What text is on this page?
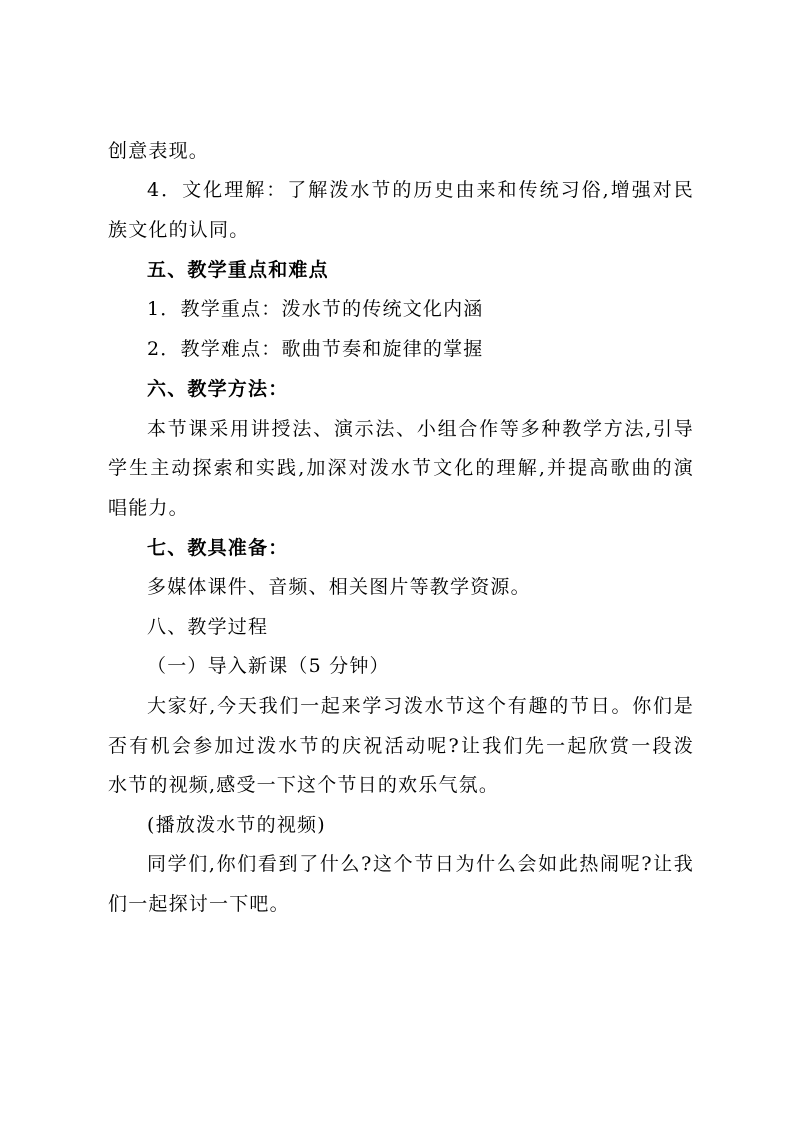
创意表现。
4．文化理解：了解泼水节的历史由来和传统习俗,增强对民
族文化的认同。
五、教学重点和难点
1．教学重点：泼水节的传统文化内涵
2．教学难点：歌曲节奏和旋律的掌握
六、教学方法：
本节课采用讲授法、演示法、小组合作等多种教学方法,引导
学生主动探索和实践,加深对泼水节文化的理解,并提高歌曲的演
唱能力。
七、教具准备：
多媒体课件、音频、相关图片等教学资源。
八、教学过程
（一）导入新课（5 分钟）
大家好,今天我们一起来学习泼水节这个有趣的节日。你们是
否有机会参加过泼水节的庆祝活动呢?让我们先一起欣赏一段泼
水节的视频,感受一下这个节日的欢乐气氛。
(播放泼水节的视频)
同学们,你们看到了什么?这个节日为什么会如此热闹呢?让我
们一起探讨一下吧。
